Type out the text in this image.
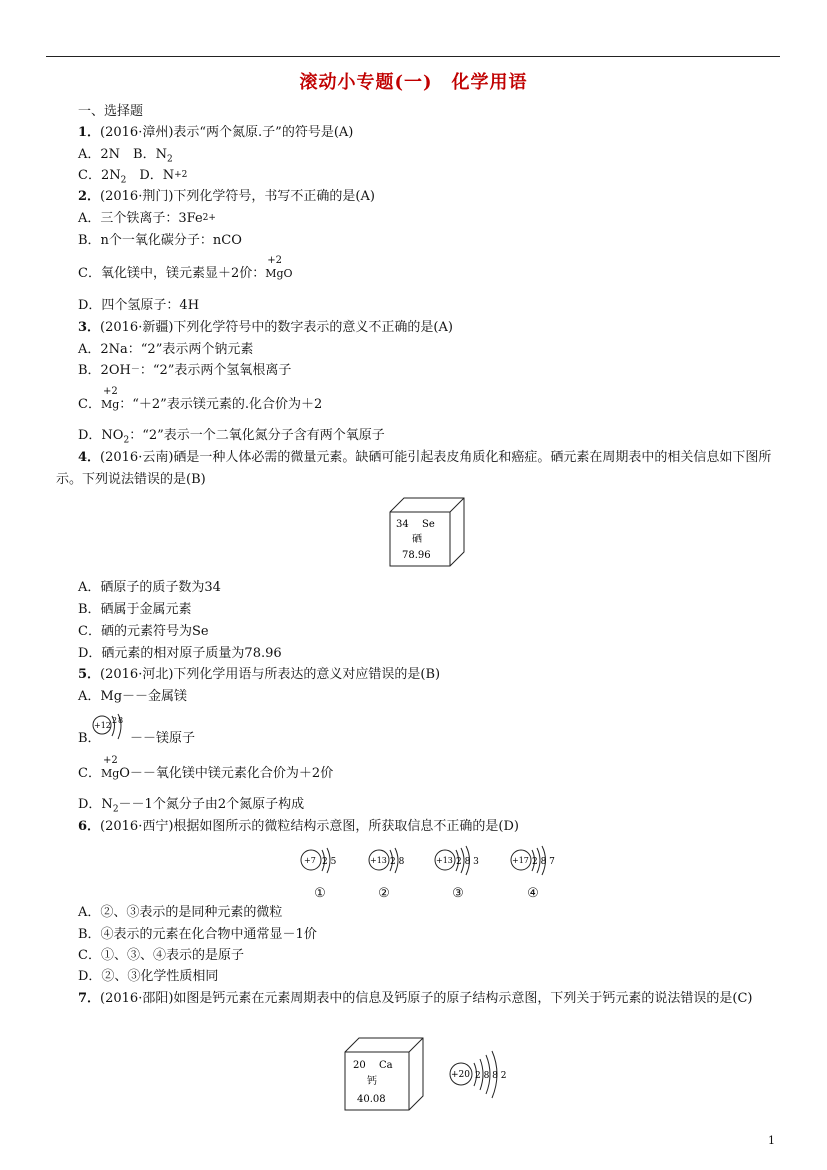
滚动小专题(一)　化学用语
一、选择题
1．(2016·漳州)表示“两个氮原.子”的符号是(A)
A．2N　B．$N_2$
C．$2N_2$　D．$N^{+2}$
2．(2016·荆门)下列化学符号，书写不正确的是(A)
A．三个铁离子：$3Fe^{2+}$
B．n个一氧化碳分子：nCO
C．氧化镁中，镁元素显＋2价：
+2
MgO
D．四个氢原子：4H
3．(2016·新疆)下列化学符号中的数字表示的意义不正确的是(A)
A．2Na：“2”表示两个钠元素
B．2OH－：“2”表示两个氢氧根离子
C．
+2
Mg：“＋2”表示镁元素的.化合价为＋2
D．$NO_2$：“2”表示一个二氧化氮分子含有两个氧原子
4．(2016·云南)硒是一种人体必需的微量元素。缺硒可能引起表皮角质化和癌症。硒元素在周期表中的相关信息如下图所示。下列说法错误的是(B)
34 Se
硒
78.96
A．硒原子的质子数为34
B．硒属于金属元素
C．硒的元素符号为Se
D．硒元素的相对原子质量为78.96
5．(2016·河北)下列化学用语与所表达的意义对应错误的是(B)
A．Mg－－金属镁
B．
+12
2 8
－－镁原子
C．
+2
MgO－－氧化镁中镁元素化合价为＋2价
D．$N_2--1$个氮分子由2个氮原子构成
6．(2016·西宁)根据如图所示的微粒结构示意图，所获取信息不正确的是(D)
+7 2 5	+13 2 8	+13 2 8 3	+17 2 8 7
①	②	③	④
A．②、③表示的是同种元素的微粒
B．④表示的元素在化合物中通常显－1价
C．①、③、④表示的是原子
D．②、③化学性质相同
7．(2016·邵阳)如图是钙元素在元素周期表中的信息及钙原子的原子结构示意图，下列关于钙元素的说法错误的是(C)
20 Ca
钙
40.08
+20 2 8 8 2
1
